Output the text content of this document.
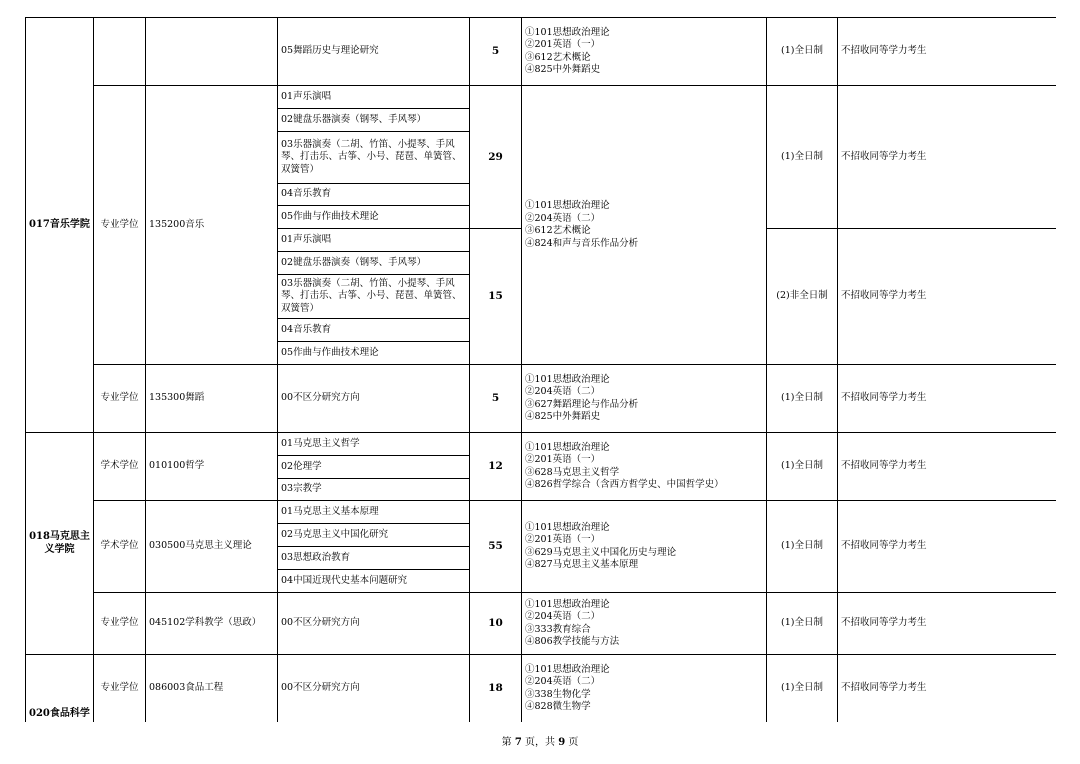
017音乐学院			05舞蹈历史与理论研究	5	①101思想政治理论
②201英语（一）
③612艺术概论
④825中外舞蹈史	(1)全日制	不招收同等学力考生
	专业学位	135200音乐	01声乐演唱	29	①101思想政治理论
②204英语（二）
③612艺术概论
④824和声与音乐作品分析	(1)全日制	不招收同等学力考生
			02键盘乐器演奏（钢琴、手风琴）				
			03乐器演奏（二胡、竹笛、小提琴、手风琴、打击乐、古筝、小号、琵琶、单簧管、双簧管）				
			04音乐教育				
			05作曲与作曲技术理论				
			01声乐演唱	15		(2)非全日制	不招收同等学力考生
			02键盘乐器演奏（钢琴、手风琴）				
			03乐器演奏（二胡、竹笛、小提琴、手风琴、打击乐、古筝、小号、琵琶、单簧管、双簧管）				
			04音乐教育				
			05作曲与作曲技术理论				
	专业学位	135300舞蹈	00不区分研究方向	5	①101思想政治理论
②204英语（二）
③627舞蹈理论与作品分析
④825中外舞蹈史	(1)全日制	不招收同等学力考生
018马克思主义学院	学术学位	010100哲学	01马克思主义哲学	12	①101思想政治理论
②201英语（一）
③628马克思主义哲学
④826哲学综合（含西方哲学史、中国哲学史）	(1)全日制	不招收同等学力考生
			02伦理学				
			03宗教学				
	学术学位	030500马克思主义理论	01马克思主义基本原理	55	①101思想政治理论
②201英语（一）
③629马克思主义中国化历史与理论
④827马克思主义基本原理	(1)全日制	不招收同等学力考生
			02马克思主义中国化研究				
			03思想政治教育				
			04中国近现代史基本问题研究				
	专业学位	045102学科教学（思政）	00不区分研究方向	10	①101思想政治理论
②204英语（二）
③333教育综合
④806教学技能与方法	(1)全日制	不招收同等学力考生
020食品科学	专业学位	086003食品工程	00不区分研究方向	18	①101思想政治理论
②204英语（二）
③338生物化学
④828微生物学	(1)全日制	不招收同等学力考生
第 7 页，共 9 页
